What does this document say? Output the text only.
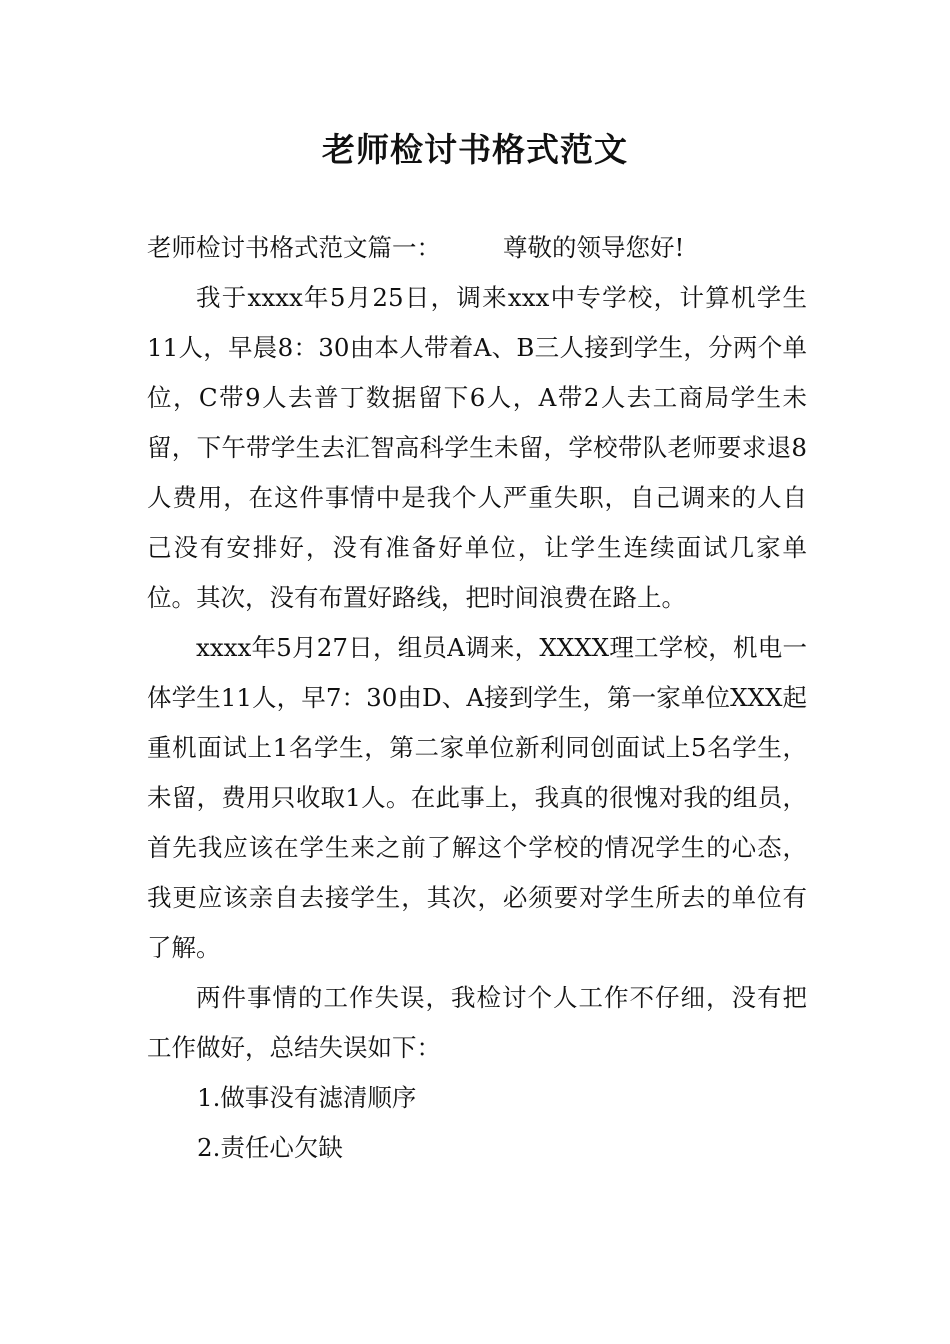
老师检讨书格式范文

老师检讨书格式范文篇一：	尊敬的领导您好!

我于xxxx年5月25日，调来xxx中专学校，计算机学生11人，早晨8：30由本人带着A、B三人接到学生，分两个单位，C带9人去普丁数据留下6人，A带2人去工商局学生未留，下午带学生去汇智高科学生未留，学校带队老师要求退8人费用，在这件事情中是我个人严重失职，自己调来的人自己没有安排好，没有准备好单位，让学生连续面试几家单位。其次，没有布置好路线，把时间浪费在路上。

xxxx年5月27日，组员A调来，XXXX理工学校，机电一体学生11人，早7：30由D、A接到学生，第一家单位XXX起重机面试上1名学生，第二家单位新利同创面试上5名学生，未留，费用只收取1人。在此事上，我真的很愧对我的组员，首先我应该在学生来之前了解这个学校的情况学生的心态，我更应该亲自去接学生，其次，必须要对学生所去的单位有了解。

两件事情的工作失误，我检讨个人工作不仔细，没有把工作做好，总结失误如下：

1.做事没有滤清顺序

2.责任心欠缺
